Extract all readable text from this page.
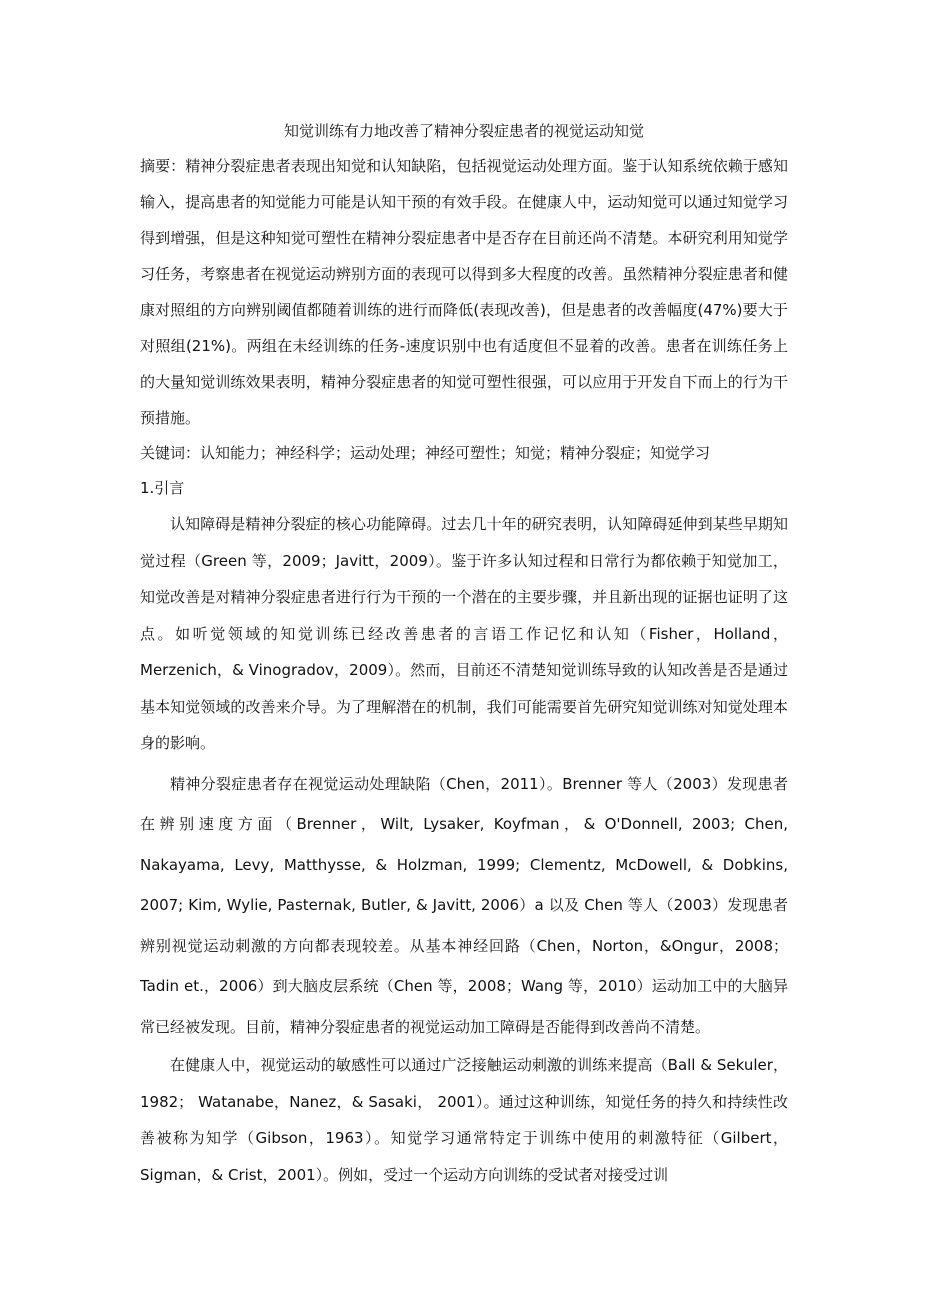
知觉训练有力地改善了精神分裂症患者的视觉运动知觉

摘要：精神分裂症患者表现出知觉和认知缺陷，包括视觉运动处理方面。鉴于认知系统依赖于感知输入，提高患者的知觉能力可能是认知干预的有效手段。在健康人中，运动知觉可以通过知觉学习得到增强，但是这种知觉可塑性在精神分裂症患者中是否存在目前还尚不清楚。本研究利用知觉学习任务，考察患者在视觉运动辨别方面的表现可以得到多大程度的改善。虽然精神分裂症患者和健康对照组的方向辨别阈值都随着训练的进行而降低(表现改善)，但是患者的改善幅度(47%)要大于对照组(21%)。两组在未经训练的任务-速度识别中也有适度但不显着的改善。患者在训练任务上的大量知觉训练效果表明，精神分裂症患者的知觉可塑性很强，可以应用于开发自下而上的行为干预措施。

关键词：认知能力；神经科学；运动处理；神经可塑性；知觉；精神分裂症；知觉学习

1.引言

认知障碍是精神分裂症的核心功能障碍。过去几十年的研究表明，认知障碍延伸到某些早期知觉过程（Green 等，2009；Javitt，2009）。鉴于许多认知过程和日常行为都依赖于知觉加工，知觉改善是对精神分裂症患者进行行为干预的一个潜在的主要步骤，并且新出现的证据也证明了这点。如听觉领域的知觉训练已经改善患者的言语工作记忆和认知（Fisher，Holland，Merzenich，& Vinogradov，2009）。然而，目前还不清楚知觉训练导致的认知改善是否是通过基本知觉领域的改善来介导。为了理解潜在的机制，我们可能需要首先研究知觉训练对知觉处理本身的影响。

精神分裂症患者存在视觉运动处理缺陷（Chen，2011）。Brenner 等人（2003）发现患者在辨别速度方面（Brenner，Wilt, Lysaker, Koyfman，& O'Donnell, 2003; Chen, Nakayama, Levy, Matthysse, & Holzman, 1999; Clementz, McDowell, & Dobkins, 2007; Kim, Wylie, Pasternak, Butler, & Javitt, 2006）a 以及 Chen 等人（2003）发现患者辨别视觉运动刺激的方向都表现较差。从基本神经回路（Chen，Norton，&Ongur，2008；Tadin et.，2006）到大脑皮层系统（Chen 等，2008；Wang 等，2010）运动加工中的大脑异常已经被发现。目前，精神分裂症患者的视觉运动加工障碍是否能得到改善尚不清楚。

在健康人中，视觉运动的敏感性可以通过广泛接触运动刺激的训练来提高（Ball & Sekuler，1982； Watanabe，Nanez，& Sasaki， 2001）。通过这种训练，知觉任务的持久和持续性改善被称为知学（Gibson，1963）。知觉学习通常特定于训练中使用的刺激特征（Gilbert，Sigman，& Crist，2001）。例如，受过一个运动方向训练的受试者对接受过训
